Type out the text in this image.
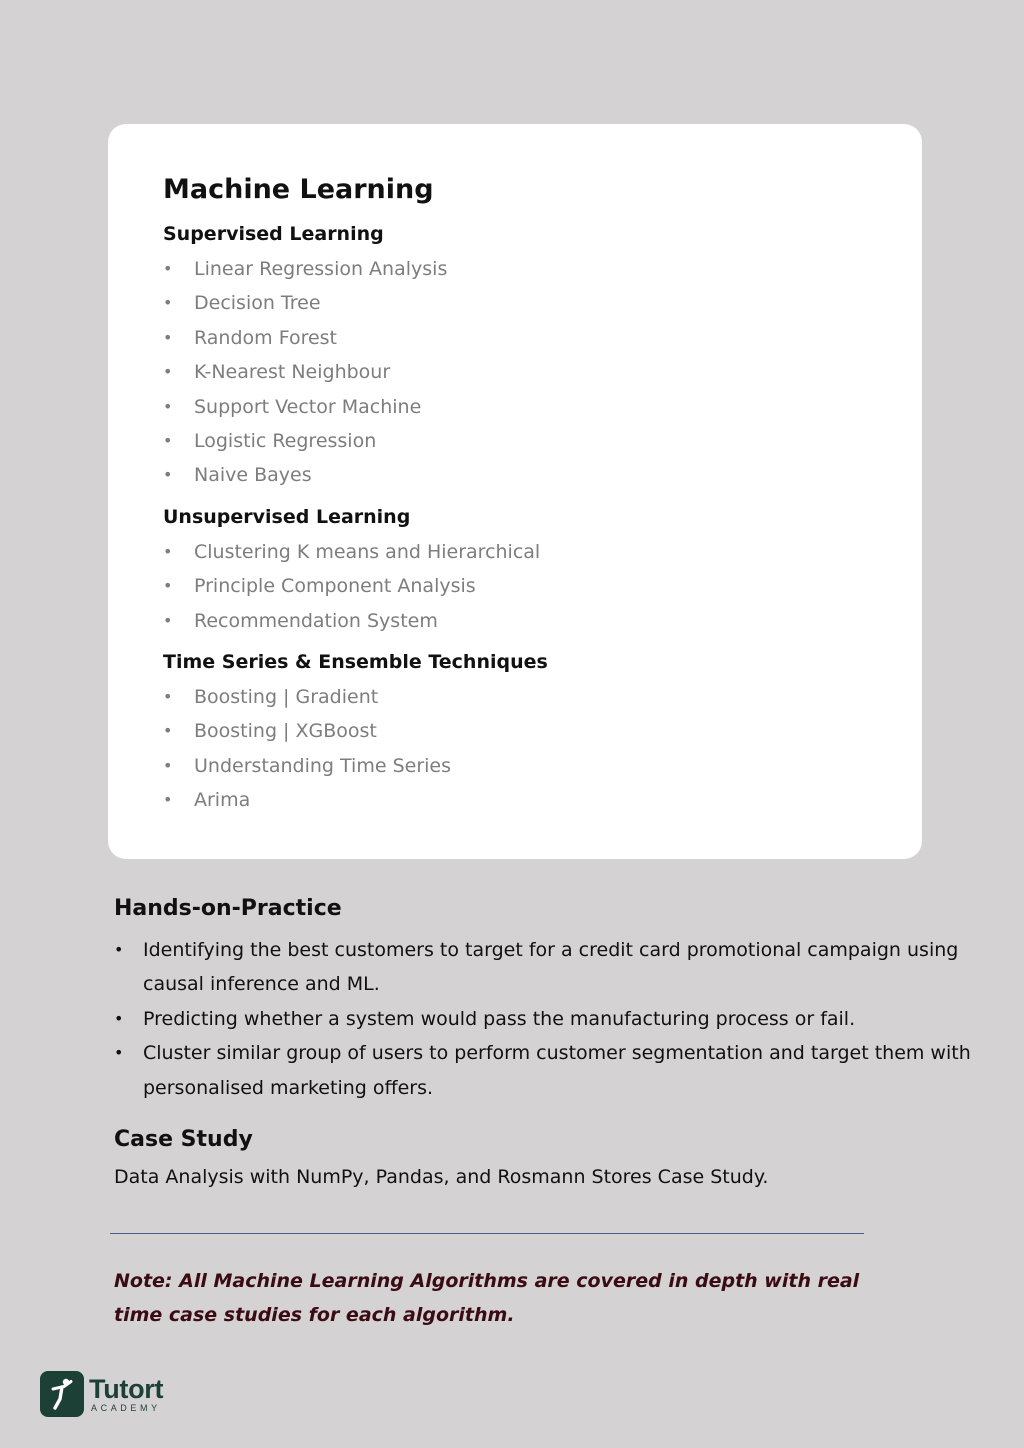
Machine Learning
Supervised Learning
• Linear Regression Analysis
• Decision Tree
• Random Forest
• K-Nearest Neighbour
• Support Vector Machine
• Logistic Regression
• Naive Bayes
Unsupervised Learning
• Clustering K means and Hierarchical
• Principle Component Analysis
• Recommendation System
Time Series & Ensemble Techniques
• Boosting | Gradient
• Boosting | XGBoost
• Understanding Time Series
• Arima
Hands-on-Practice
• Identifying the best customers to target for a credit card promotional campaign using causal inference and ML.
• Predicting whether a system would pass the manufacturing process or fail.
• Cluster similar group of users to perform customer segmentation and target them with personalised marketing offers.
Case Study

Data Analysis with NumPy, Pandas, and Rosmann Stores Case Study.

Note: All Machine Learning Algorithms are covered in depth with real time case studies for each algorithm.

Tutort
ACADEMY
